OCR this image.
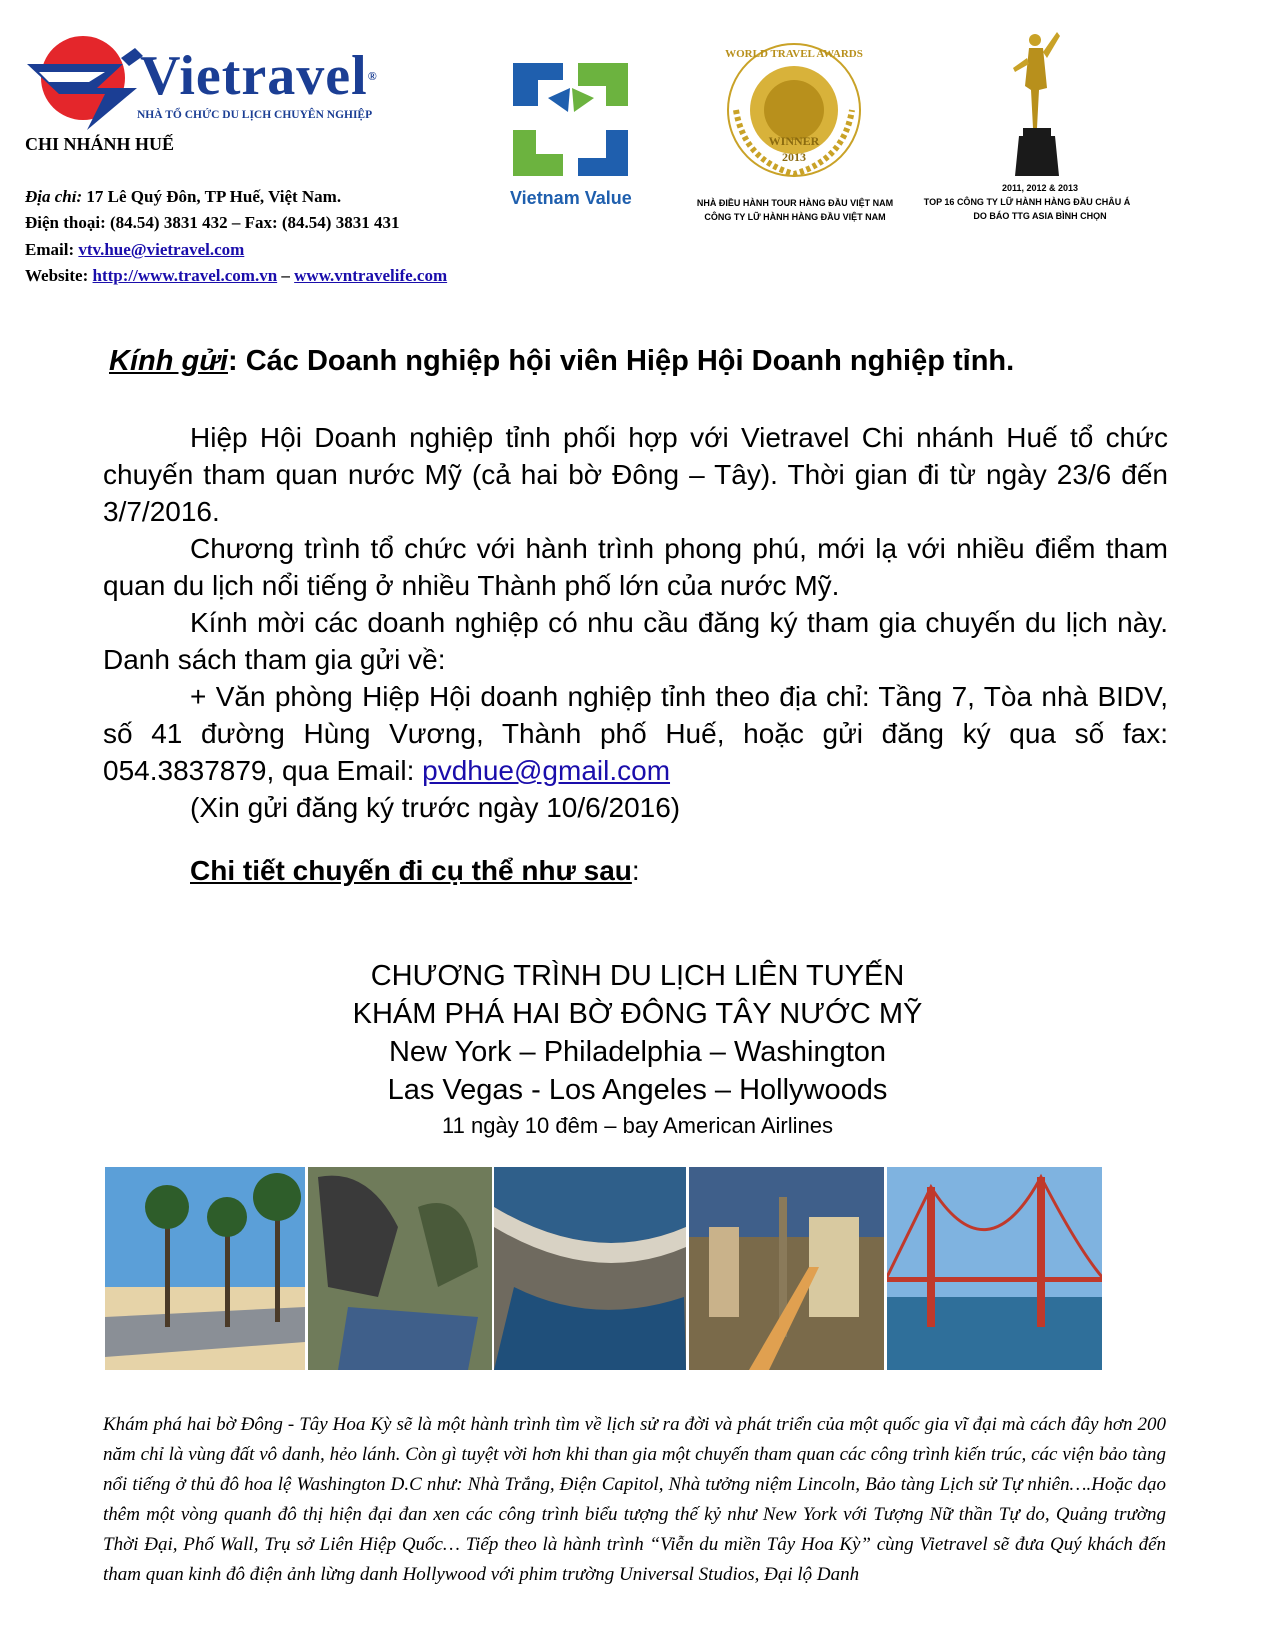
Vietravel®
NHÀ TỔ CHỨC DU LỊCH CHUYÊN NGHIỆP
CHI NHÁNH HUẾ
Địa chỉ: 17 Lê Quý Đôn, TP Huế, Việt Nam.
Điện thoại: (84.54) 3831 432 – Fax: (84.54) 3831 431
Email: vtv.hue@vietravel.com
Website: http://www.travel.com.vn – www.vntravelife.com
Vietnam Value
WORLD TRAVEL AWARDS
WINNER
2013
NHÀ ĐIỀU HÀNH TOUR HÀNG ĐẦU VIỆT NAM
CÔNG TY LỮ HÀNH HÀNG ĐẦU VIỆT NAM
2011, 2012 & 2013
TOP 16 CÔNG TY LỮ HÀNH HÀNG ĐẦU CHÂU Á
DO BÁO TTG ASIA BÌNH CHỌN
Kính gửi: Các Doanh nghiệp hội viên Hiệp Hội Doanh nghiệp tỉnh.

Hiệp Hội Doanh nghiệp tỉnh phối hợp với Vietravel Chi nhánh Huế tổ chức chuyến tham quan nước Mỹ (cả hai bờ Đông – Tây). Thời gian đi từ ngày 23/6 đến 3/7/2016.

Chương trình tổ chức với hành trình phong phú, mới lạ với nhiều điểm tham quan du lịch nổi tiếng ở nhiều Thành phố lớn của nước Mỹ.

Kính mời các doanh nghiệp có nhu cầu đăng ký tham gia chuyến du lịch này. Danh sách tham gia gửi về:

+ Văn phòng Hiệp Hội doanh nghiệp tỉnh theo địa chỉ: Tầng 7, Tòa nhà BIDV, số 41 đường Hùng Vương, Thành phố Huế, hoặc gửi đăng ký qua số fax: 054.3837879, qua Email: pvdhue@gmail.com

(Xin gửi đăng ký trước ngày 10/6/2016)

Chi tiết chuyến đi cụ thể như sau:
CHƯƠNG TRÌNH DU LỊCH LIÊN TUYẾN
KHÁM PHÁ HAI BỜ ĐÔNG TÂY NƯỚC MỸ
New York – Philadelphia – Washington
Las Vegas - Los Angeles – Hollywoods
11 ngày 10 đêm – bay American Airlines
Khám phá hai bờ Đông - Tây Hoa Kỳ sẽ là một hành trình tìm về lịch sử ra đời và phát triển của một quốc gia vĩ đại mà cách đây hơn 200 năm chỉ là vùng đất vô danh, hẻo lánh. Còn gì tuyệt vời hơn khi than gia một chuyến tham quan các công trình kiến trúc, các viện bảo tàng nổi tiếng ở thủ đô hoa lệ Washington D.C như: Nhà Trắng, Điện Capitol, Nhà tưởng niệm Lincoln, Bảo tàng Lịch sử Tự nhiên….Hoặc dạo thêm một vòng quanh đô thị hiện đại đan xen các công trình biểu tượng thế kỷ như New York với Tượng Nữ thần Tự do, Quảng trường Thời Đại, Phố Wall, Trụ sở Liên Hiệp Quốc… Tiếp theo là hành trình “Viễn du miền Tây Hoa Kỳ” cùng Vietravel sẽ đưa Quý khách đến tham quan kinh đô điện ảnh lừng danh Hollywood với phim trường Universal Studios, Đại lộ Danh
